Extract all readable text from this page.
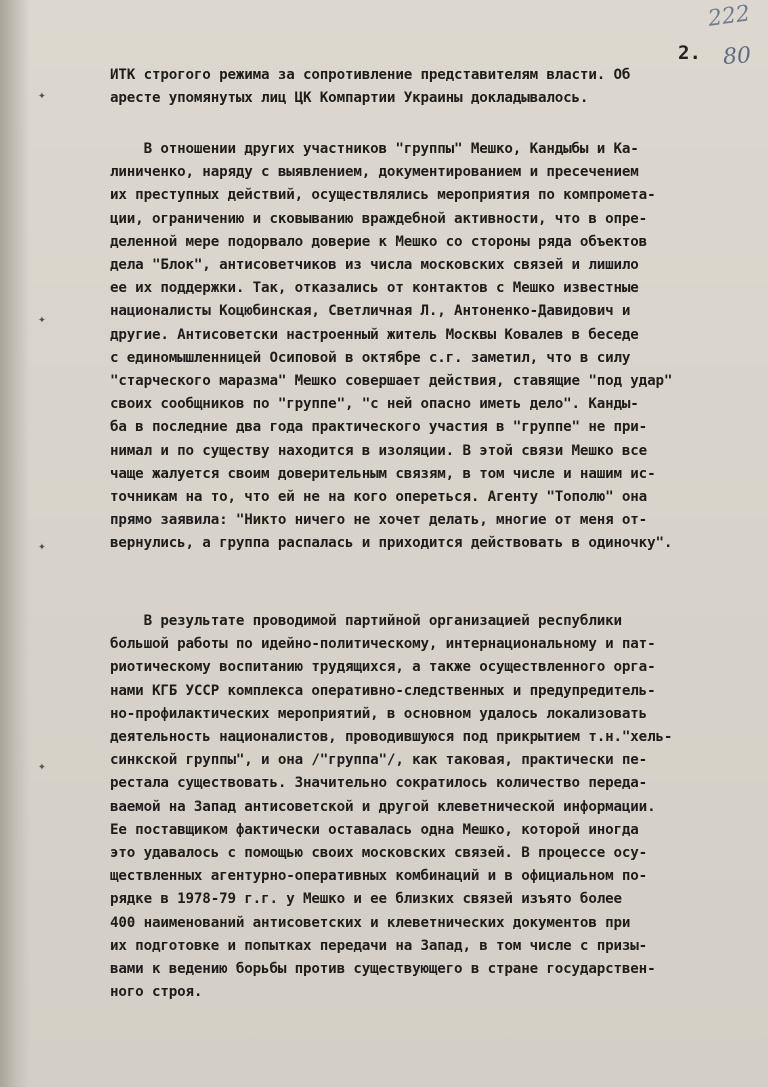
222
80
2.
✦
✦
✦
✦
ИТК строгого режима за сопротивление представителям власти. Об
аресте упомянутых лиц ЦК Компартии Украины докладывалось.
В отношении других участников "группы" Мешко, Кандыбы и Ка-
линиченко, наряду с выявлением, документированием и пресечением
их преступных действий, осуществлялись мероприятия по компромета-
ции, ограничению и сковыванию враждебной активности, что в опре-
деленной мере подорвало доверие к Мешко со стороны ряда объектов
дела "Блок", антисоветчиков из числа московских связей и лишило
ее их поддержки. Так, отказались от контактов с Мешко известные
националисты Коцюбинская, Светличная Л., Антоненко-Давидович и
другие. Антисоветски настроенный житель Москвы Ковалев в беседе
с единомышленницей Осиповой в октябре с.г. заметил, что в силу
"старческого маразма" Мешко совершает действия, ставящие "под удар"
своих сообщников по "группе", "с ней опасно иметь дело". Канды-
ба в последние два года практического участия в "группе" не при-
нимал и по существу находится в изоляции. В этой связи Мешко все
чаще жалуется своим доверительным связям, в том числе и нашим ис-
точникам на то, что ей не на кого опереться. Агенту "Тополю" она
прямо заявила: "Никто ничего не хочет делать, многие от меня от-
вернулись, а группа распалась и приходится действовать в одиночку".
В результате проводимой партийной организацией республики
большой работы по идейно-политическому, интернациональному и пат-
риотическому воспитанию трудящихся, а также осуществленного орга-
нами КГБ УССР комплекса оперативно-следственных и предупредитель-
но-профилактических мероприятий, в основном удалось локализовать
деятельность националистов, проводившуюся под прикрытием т.н."хель-
синкской группы", и она /"группа"/, как таковая, практически пе-
рестала существовать. Значительно сократилось количество переда-
ваемой на Запад антисоветской и другой клеветнической информации.
Ее поставщиком фактически оставалась одна Мешко, которой иногда
это удавалось с помощью своих московских связей. В процессе осу-
ществленных агентурно-оперативных комбинаций и в официальном по-
рядке в 1978-79 г.г. у Мешко и ее близких связей изъято более
400 наименований антисоветских и клеветнических документов при
их подготовке и попытках передачи на Запад, в том числе с призы-
вами к ведению борьбы против существующего в стране государствен-
ного строя.
